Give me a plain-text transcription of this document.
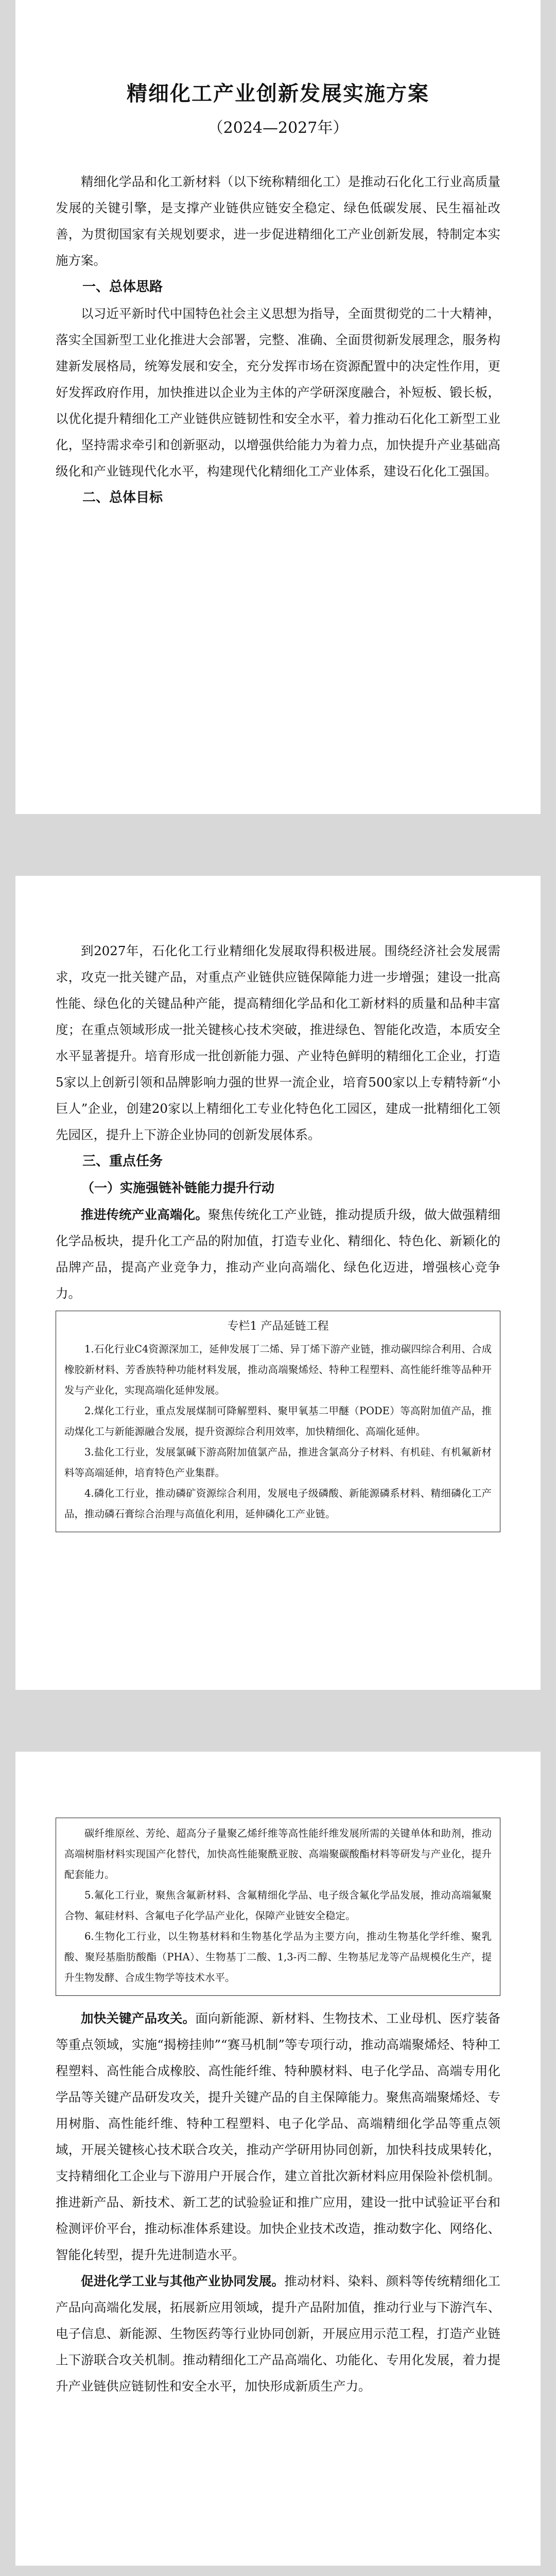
精细化工产业创新发展实施方案
（2024—2027年）

精细化学品和化工新材料（以下统称精细化工）是推动石化化工行业高质量发展的关键引擎，是支撑产业链供应链安全稳定、绿色低碳发展、民生福祉改善，为贯彻国家有关规划要求，进一步促进精细化工产业创新发展，特制定本实施方案。

一、总体思路

以习近平新时代中国特色社会主义思想为指导，全面贯彻党的二十大精神，落实全国新型工业化推进大会部署，完整、准确、全面贯彻新发展理念，服务构建新发展格局，统筹发展和安全，充分发挥市场在资源配置中的决定性作用，更好发挥政府作用，加快推进以企业为主体的产学研深度融合，补短板、锻长板，以优化提升精细化工产业链供应链韧性和安全水平，着力推动石化化工新型工业化，坚持需求牵引和创新驱动，以增强供给能力为着力点，加快提升产业基础高级化和产业链现代化水平，构建现代化精细化工产业体系，建设石化化工强国。

二、总体目标

到2027年，石化化工行业精细化发展取得积极进展。围绕经济社会发展需求，攻克一批关键产品，对重点产业链供应链保障能力进一步增强；建设一批高性能、绿色化的关键品种产能，提高精细化学品和化工新材料的质量和品种丰富度；在重点领域形成一批关键核心技术突破，推进绿色、智能化改造，本质安全水平显著提升。培育形成一批创新能力强、产业特色鲜明的精细化工企业，打造5家以上创新引领和品牌影响力强的世界一流企业，培育500家以上专精特新“小巨人”企业，创建20家以上精细化工专业化特色化工园区，建成一批精细化工领先园区，提升上下游企业协同的创新发展体系。

三、重点任务

（一）实施强链补链能力提升行动

推进传统产业高端化。聚焦传统化工产业链，推动提质升级，做大做强精细化学品板块，提升化工产品的附加值，打造专业化、精细化、特色化、新颖化的品牌产品，提高产业竞争力，推动产业向高端化、绿色化迈进，增强核心竞争力。

专栏1 产品延链工程

1.石化行业C4资源深加工，延伸发展丁二烯、异丁烯下游产业链，推动碳四综合利用、合成橡胶新材料、芳香族特种功能材料发展，推动高端聚烯烃、特种工程塑料、高性能纤维等品种开发与产业化，实现高端化延伸发展。

2.煤化工行业，重点发展煤制可降解塑料、聚甲氧基二甲醚（PODE）等高附加值产品，推动煤化工与新能源融合发展，提升资源综合利用效率，加快精细化、高端化延伸。

3.盐化工行业，发展氯碱下游高附加值氯产品，推进含氯高分子材料、有机硅、有机氟新材料等高端延伸，培育特色产业集群。

4.磷化工行业，推动磷矿资源综合利用，发展电子级磷酸、新能源磷系材料、精细磷化工产品，推动磷石膏综合治理与高值化利用，延伸磷化工产业链。

碳纤维原丝、芳纶、超高分子量聚乙烯纤维等高性能纤维发展所需的关键单体和助剂，推动高端树脂材料实现国产化替代，加快高性能聚酰亚胺、高端聚碳酸酯材料等研发与产业化，提升配套能力。

5.氟化工行业，聚焦含氟新材料、含氟精细化学品、电子级含氟化学品发展，推动高端氟聚合物、氟硅材料、含氟电子化学品产业化，保障产业链安全稳定。

6.生物化工行业，以生物基材料和生物基化学品为主要方向，推动生物基化学纤维、聚乳酸、聚羟基脂肪酸酯（PHA）、生物基丁二酸、1,3-丙二醇、生物基尼龙等产品规模化生产，提升生物发酵、合成生物学等技术水平。

加快关键产品攻关。面向新能源、新材料、生物技术、工业母机、医疗装备等重点领域，实施“揭榜挂帅”“赛马机制”等专项行动，推动高端聚烯烃、特种工程塑料、高性能合成橡胶、高性能纤维、特种膜材料、电子化学品、高端专用化学品等关键产品研发攻关，提升关键产品的自主保障能力。聚焦高端聚烯烃、专用树脂、高性能纤维、特种工程塑料、电子化学品、高端精细化学品等重点领域，开展关键核心技术联合攻关，推动产学研用协同创新，加快科技成果转化，支持精细化工企业与下游用户开展合作，建立首批次新材料应用保险补偿机制。推进新产品、新技术、新工艺的试验验证和推广应用，建设一批中试验证平台和检测评价平台，推动标准体系建设。加快企业技术改造，推动数字化、网络化、智能化转型，提升先进制造水平。

促进化学工业与其他产业协同发展。推动材料、染料、颜料等传统精细化工产品向高端化发展，拓展新应用领域，提升产品附加值，推动行业与下游汽车、电子信息、新能源、生物医药等行业协同创新，开展应用示范工程，打造产业链上下游联合攻关机制。推动精细化工产品高端化、功能化、专用化发展，着力提升产业链供应链韧性和安全水平，加快形成新质生产力。
